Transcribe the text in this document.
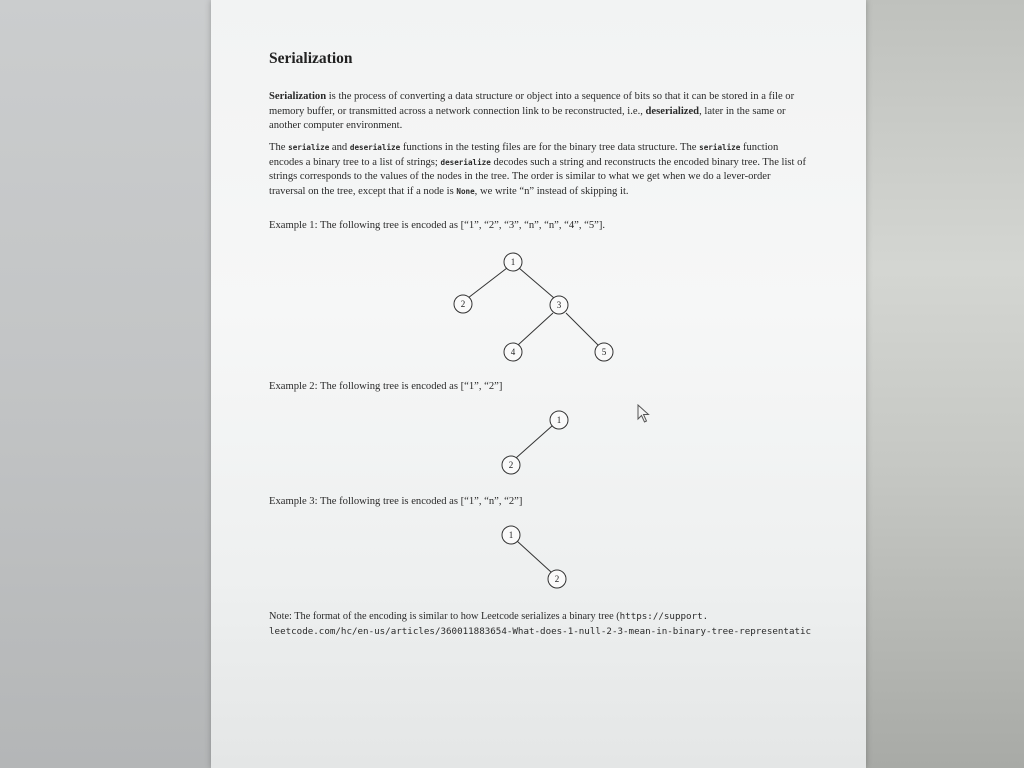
Serialization
Serialization is the process of converting a data structure or object into a sequence of bits so that it can be stored in a file or memory buffer, or transmitted across a network connection link to be reconstructed, i.e., deserialized, later in the same or another computer environment.
The serialize and deserialize functions in the testing files are for the binary tree data structure. The serialize function encodes a binary tree to a list of strings; deserialize decodes such a string and reconstructs the encoded binary tree. The list of strings corresponds to the values of the nodes in the tree. The order is similar to what we get when we do a lever-order traversal on the tree, except that if a node is None, we write “n” instead of skipping it.
Example 1: The following tree is encoded as [“1”, “2”, “3”, “n”, “n”, “4”, “5”].
Example 2: The following tree is encoded as [“1”, “2”]
Example 3: The following tree is encoded as [“1”, “n”, “2”]
Note: The format of the encoding is similar to how Leetcode serializes a binary tree (https://support.
leetcode.com/hc/en-us/articles/360011883654-What-does-1-null-2-3-mean-in-binary-tree-representatic
1
2	3
4	5
1
2
1
2
